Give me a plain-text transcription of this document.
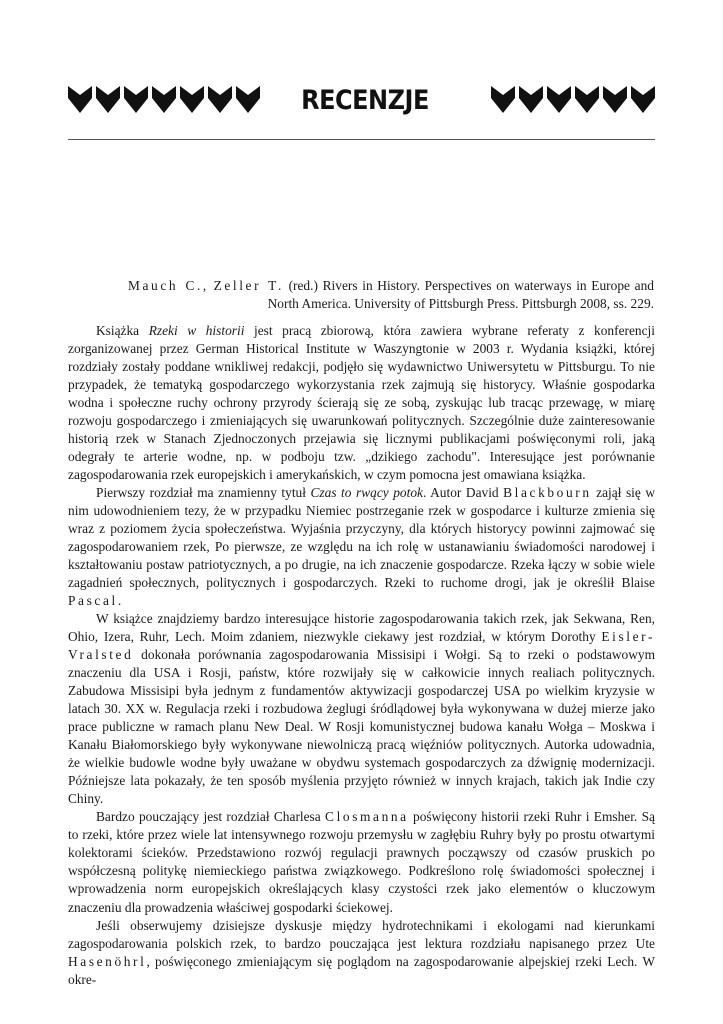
RECENZJE
Mauch C., Zeller T. (red.) Rivers in History. Perspectives on waterways in Europe and North America. University of Pittsburgh Press. Pittsburgh 2008, ss. 229.

Książka Rzeki w historii jest pracą zbiorową, która zawiera wybrane referaty z konferencji zorganizowanej przez German Historical Institute w Waszyngtonie w 2003 r. Wydania książki, której rozdziały zostały poddane wnikliwej redakcji, podjęło się wydawnictwo Uniwersytetu w Pittsburgu. To nie przypadek, że tematyką gospodarczego wykorzystania rzek zajmują się historycy. Właśnie gospodarka wodna i społeczne ruchy ochrony przyrody ścierają się ze sobą, zyskując lub tracąc przewagę, w miarę rozwoju gospodarczego i zmieniających się uwarunkowań politycznych. Szczególnie duże zainteresowanie historią rzek w Stanach Zjednoczonych przejawia się licznymi publikacjami poświęconymi roli, jaką odegrały te arterie wodne, np. w podboju tzw. „dzikiego zachodu". Interesujące jest porównanie zagospodarowania rzek europejskich i amerykańskich, w czym pomocna jest omawiana książka.

Pierwszy rozdział ma znamienny tytuł Czas to rwący potok. Autor David Blackbourn zajął się w nim udowodnieniem tezy, że w przypadku Niemiec postrzeganie rzek w gospodarce i kulturze zmienia się wraz z poziomem życia społeczeństwa. Wyjaśnia przyczyny, dla których historycy powinni zajmować się zagospodarowaniem rzek, Po pierwsze, ze względu na ich rolę w ustanawianiu świadomości narodowej i kształtowaniu postaw patriotycznych, a po drugie, na ich znaczenie gospodarcze. Rzeka łączy w sobie wiele zagadnień społecznych, politycznych i gospodarczych. Rzeki to ruchome drogi, jak je określił Blaise Pascal.

W książce znajdziemy bardzo interesujące historie zagospodarowania takich rzek, jak Sekwana, Ren, Ohio, Izera, Ruhr, Lech. Moim zdaniem, niezwykle ciekawy jest rozdział, w którym Dorothy Eisler-Vralsted dokonała porównania zagospodarowania Missisipi i Wołgi. Są to rzeki o podstawowym znaczeniu dla USA i Rosji, państw, które rozwijały się w całkowicie innych realiach politycznych. Zabudowa Missisipi była jednym z fundamentów aktywizacji gospodarczej USA po wielkim kryzysie w latach 30. XX w. Regulacja rzeki i rozbudowa żeglugi śródlądowej była wykonywana w dużej mierze jako prace publiczne w ramach planu New Deal. W Rosji komunistycznej budowa kanału Wołga – Moskwa i Kanału Białomorskiego były wykonywane niewolniczą pracą więźniów politycznych. Autorka udowadnia, że wielkie budowle wodne były uważane w obydwu systemach gospodarczych za dźwignię modernizacji. Późniejsze lata pokazały, że ten sposób myślenia przyjęto również w innych krajach, takich jak Indie czy Chiny.

Bardzo pouczający jest rozdział Charlesa Closmanna poświęcony historii rzeki Ruhr i Emsher. Są to rzeki, które przez wiele lat intensywnego rozwoju przemysłu w zagłębiu Ruhry były po prostu otwartymi kolektorami ścieków. Przedstawiono rozwój regulacji prawnych począwszy od czasów pruskich po współczesną politykę niemieckiego państwa związkowego. Podkreślono rolę świadomości społecznej i wprowadzenia norm europejskich określających klasy czystości rzek jako elementów o kluczowym znaczeniu dla prowadzenia właściwej gospodarki ściekowej.

Jeśli obserwujemy dzisiejsze dyskusje między hydrotechnikami i ekologami nad kierunkami zagospodarowania polskich rzek, to bardzo pouczająca jest lektura rozdziału napisanego przez Ute Hasenöhrl, poświęconego zmieniającym się poglądom na zagospodarowanie alpejskiej rzeki Lech. W okre-
